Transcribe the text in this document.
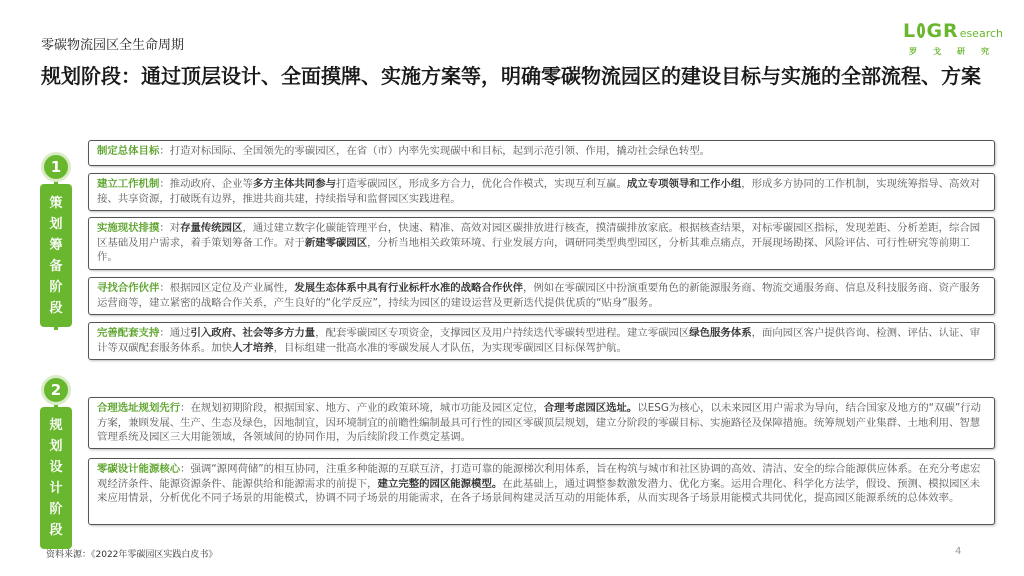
零碳物流园区全生命周期
L GR esearch
罗 戈 研 究
规划阶段：通过顶层设计、全面摸牌、实施方案等，明确零碳物流园区的建设目标与实施的全部流程、方案
1
策
划
筹
备
阶
段
2
规
划
设
计
阶
段
制定总体目标：打造对标国际、全国领先的零碳园区，在省（市）内率先实现碳中和目标，起到示范引领、作用，撬动社会绿色转型。
建立工作机制：推动政府、企业等多方主体共同参与打造零碳园区，形成多方合力，优化合作模式，实现互利互赢。成立专项领导和工作小组，形成多方协同的工作机制，实现统筹指导、高效对接、共享资源，打破既有边界，推进共商共建，持续指导和监督园区实践进程。
实施现状排摸：对存量传统园区，通过建立数字化碳能管理平台，快速、精准、高效对园区碳排放进行核查，摸清碳排放家底。根据核查结果，对标零碳园区指标，发现差距、分析差距，综合园区基础及用户需求，着手策划筹备工作。对于新建零碳园区，分析当地相关政策环境、行业发展方向，调研同类型典型园区，分析其难点痛点，开展现场勘探、风险评估、可行性研究等前期工作。
寻找合作伙伴：根据园区定位及产业属性，发展生态体系中具有行业标杆水准的战略合作伙伴，例如在零碳园区中扮演重要角色的新能源服务商、物流交通服务商、信息及科技服务商、资产服务运营商等，建立紧密的战略合作关系，产生良好的“化学反应”，持续为园区的建设运营及更新迭代提供优质的“贴身”服务。
完善配套支持：通过引入政府、社会等多方力量，配套零碳园区专项资金，支撑园区及用户持续迭代零碳转型进程。建立零碳园区绿色服务体系，面向园区客户提供咨询、检测、评估、认证、审计等双碳配套服务体系。加快人才培养，目标组建一批高水准的零碳发展人才队伍，为实现零碳园区目标保驾护航。
合理选址规划先行：在规划初期阶段，根据国家、地方、产业的政策环境，城市功能及园区定位，合理考虑园区选址。以ESG为核心，以未来园区用户需求为导向，结合国家及地方的“双碳”行动方案，兼顾发展、生产、生态及绿色，因地制宜，因环境制宜的前瞻性编制最具可行性的园区零碳顶层规划，建立分阶段的零碳目标、实施路径及保障措施。统筹规划产业集群、土地利用、智慧管理系统及园区三大用能领域，各领域间的协同作用，为后续阶段工作奠定基调。
零碳设计能源核心：强调“源网荷储”的相互协同，注重多种能源的互联互济，打造可靠的能源梯次利用体系，旨在构筑与城市和社区协调的高效、清洁、安全的综合能源供应体系。在充分考虑宏观经济条件、能源资源条件、能源供给和能源需求的前提下，建立完整的园区能源模型。在此基础上，通过调整参数激发潜力、优化方案。运用合理化、科学化方法学，假设、预测、模拟园区未来应用情景，分析优化不同子场景的用能模式，协调不同子场景的用能需求，在各子场景间构建灵活互动的用能体系，从而实现各子场景用能模式共同优化，提高园区能源系统的总体效率。
资料来源：《2022年零碳园区实践白皮书》	4
